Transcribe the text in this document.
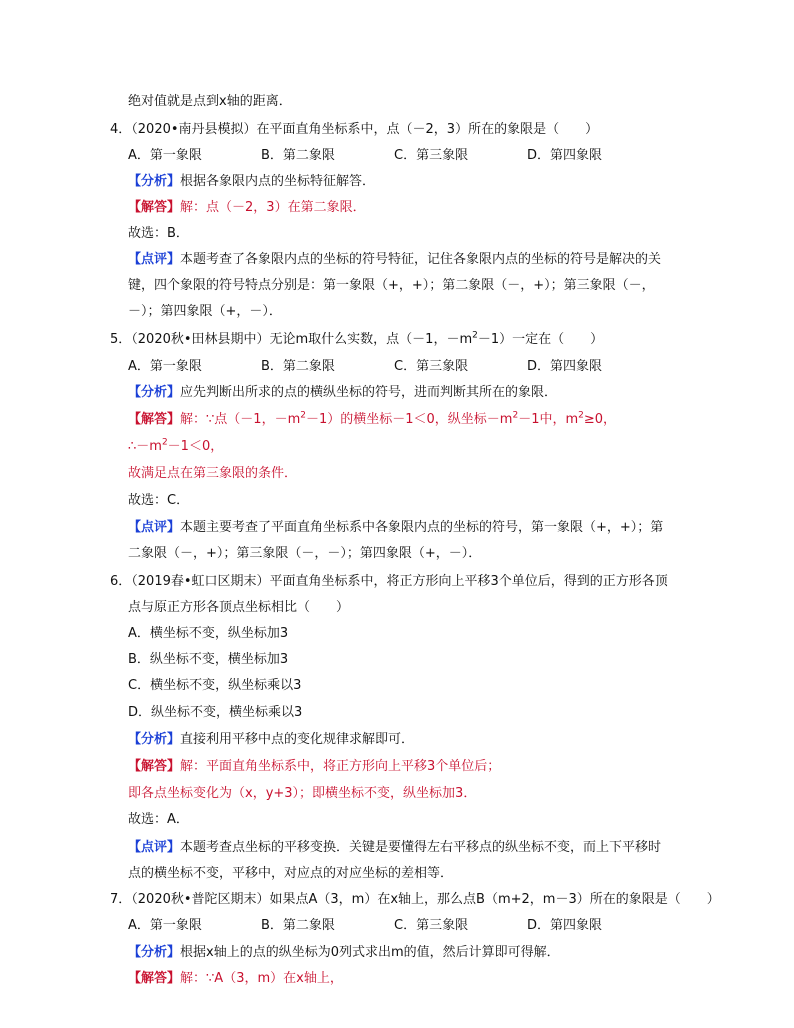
绝对值就是点到x轴的距离．
4．（2020•南丹县模拟）在平面直角坐标系中，点（－2，3）所在的象限是（　　）
A．第一象限	B．第二象限	C．第三象限	D．第四象限
【分析】根据各象限内点的坐标特征解答．
【解答】解：点（－2，3）在第二象限．
故选：B．
【点评】本题考查了各象限内点的坐标的符号特征，记住各象限内点的坐标的符号是解决的关
键，四个象限的符号特点分别是：第一象限（+，+）；第二象限（－，+）；第三象限（－，
－）；第四象限（+，－）．
5．（2020秋•田林县期中）无论m取什么实数，点（－1，$-m^2-1$）一定在（　　）
A．第一象限	B．第二象限	C．第三象限	D．第四象限
【分析】应先判断出所求的点的横纵坐标的符号，进而判断其所在的象限．
【解答】解：∵点（－1，$-m^2-1$）的横坐标－1＜0，纵坐标$-m^2-1$中，$m^2\ge 0$，
$\therefore-m^2-1<0$，
故满足点在第三象限的条件．
故选：C．
【点评】本题主要考查了平面直角坐标系中各象限内点的坐标的符号，第一象限（+，+）；第
二象限（－，+）；第三象限（－，－）；第四象限（+，－）．
6．（2019春•虹口区期末）平面直角坐标系中，将正方形向上平移3个单位后，得到的正方形各顶
点与原正方形各顶点坐标相比（　　）
A．横坐标不变，纵坐标加3
B．纵坐标不变，横坐标加3
C．横坐标不变，纵坐标乘以3
D．纵坐标不变，横坐标乘以3
【分析】直接利用平移中点的变化规律求解即可．
【解答】解：平面直角坐标系中，将正方形向上平移3个单位后；
即各点坐标变化为（x，y+3）；即横坐标不变，纵坐标加3．
故选：A．
【点评】本题考查点坐标的平移变换．关键是要懂得左右平移点的纵坐标不变，而上下平移时
点的横坐标不变，平移中，对应点的对应坐标的差相等．
7．（2020秋•普陀区期末）如果点A（3，m）在x轴上，那么点B（m+2，m－3）所在的象限是（　　）
A．第一象限	B．第二象限	C．第三象限	D．第四象限
【分析】根据x轴上的点的纵坐标为0列式求出m的值，然后计算即可得解．
【解答】解：∵A（3，m）在x轴上，
